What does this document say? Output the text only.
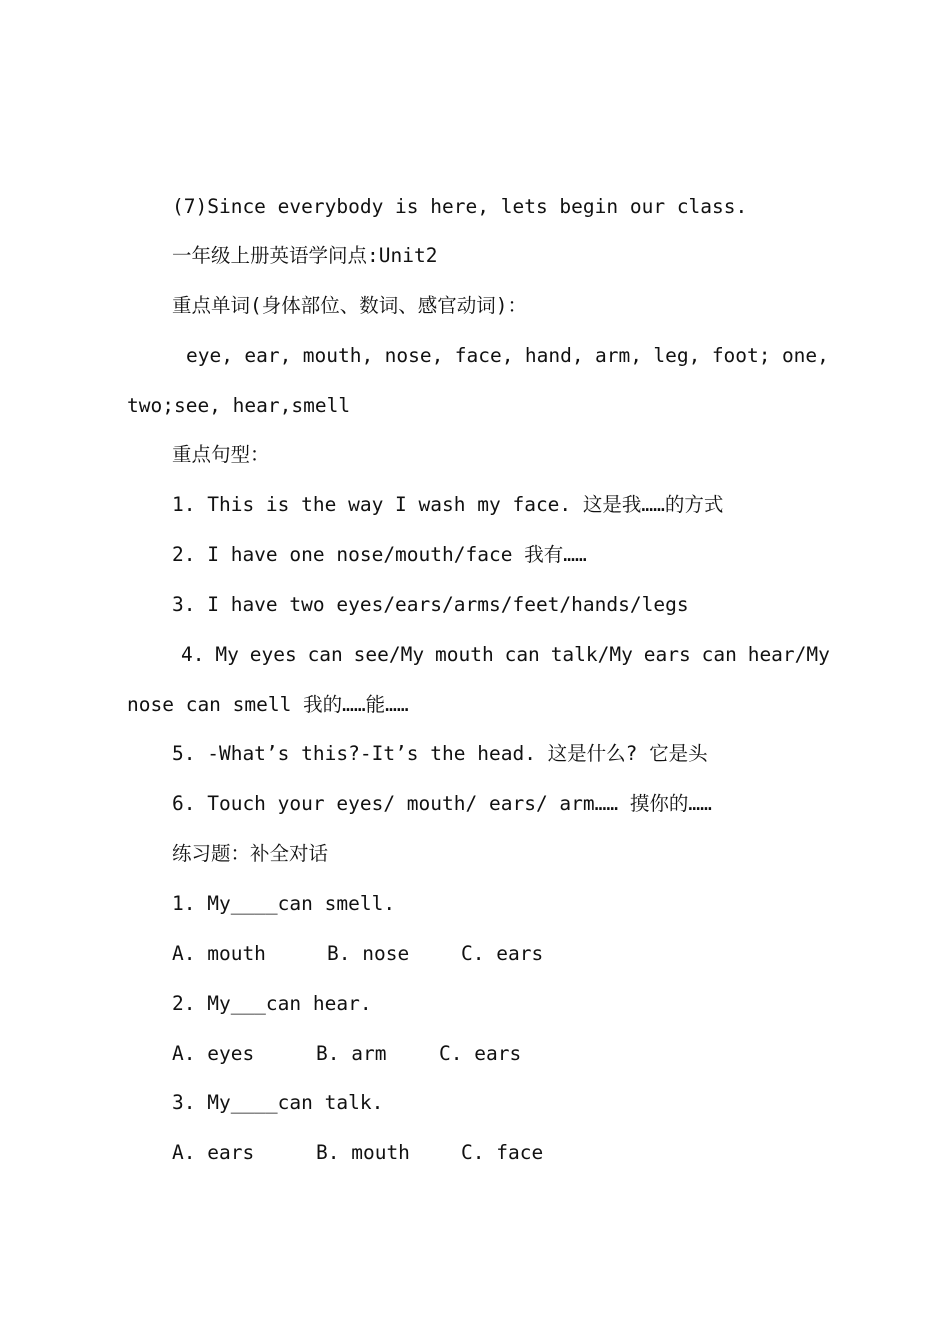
(7)Since everybody is here, lets begin our class.
一年级上册英语学问点:Unit2
重点单词(身体部位、数词、感官动词)：
eye, ear, mouth, nose, face, hand, arm, leg, foot; one,
two;see, hear,smell
重点句型：
1. This is the way I wash my face. 这是我……的方式
2. I have one nose/mouth/face 我有……
3. I have two eyes/ears/arms/feet/hands/legs
4. My eyes can see/My mouth can talk/My ears can hear/My
nose can smell 我的……能……
5. -What’s this?-It’s the head. 这是什么? 它是头
6. Touch your eyes/ mouth/ ears/ arm…… 摸你的……
练习题：补全对话
1. My____can smell.
A. mouth	B. nose	C. ears
2. My___can hear.
A. eyes	B. arm	C. ears
3. My____can talk.
A. ears	B. mouth	C. face
